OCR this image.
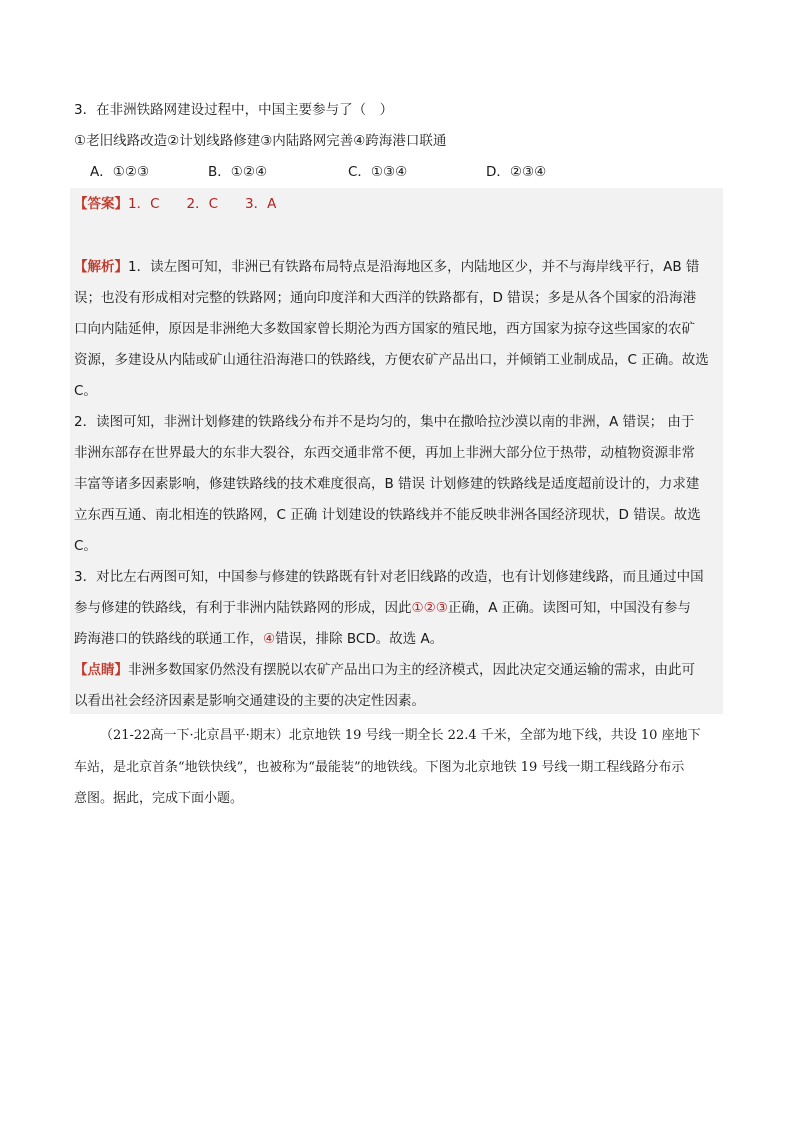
3．在非洲铁路网建设过程中，中国主要参与了（　）
①老旧线路改造②计划线路修建③内陆路网完善④跨海港口联通
A．①②③	B．①②④	C．①③④	D．②③④
【答案】1．C　　2．C　　3．A
【解析】1．读左图可知，非洲已有铁路布局特点是沿海地区多，内陆地区少，并不与海岸线平行，AB 错
误；也没有形成相对完整的铁路网；通向印度洋和大西洋的铁路都有，D 错误；多是从各个国家的沿海港
口向内陆延伸，原因是非洲绝大多数国家曾长期沦为西方国家的殖民地，西方国家为掠夺这些国家的农矿
资源，多建设从内陆或矿山通往沿海港口的铁路线，方便农矿产品出口，并倾销工业制成品，C 正确。故选
C。
2．读图可知，非洲计划修建的铁路线分布并不是均匀的，集中在撒哈拉沙漠以南的非洲，A 错误； 由于
非洲东部存在世界最大的东非大裂谷，东西交通非常不便，再加上非洲大部分位于热带，动植物资源非常
丰富等诸多因素影响，修建铁路线的技术难度很高，B 错误 计划修建的铁路线是适度超前设计的，力求建
立东西互通、南北相连的铁路网，C 正确 计划建设的铁路线并不能反映非洲各国经济现状，D 错误。故选
C。
3．对比左右两图可知，中国参与修建的铁路既有针对老旧线路的改造，也有计划修建线路，而且通过中国
参与修建的铁路线，有利于非洲内陆铁路网的形成，因此①②③正确，A 正确。读图可知，中国没有参与
跨海港口的铁路线的联通工作，④错误，排除 BCD。故选 A。
【点睛】非洲多数国家仍然没有摆脱以农矿产品出口为主的经济模式，因此决定交通运输的需求，由此可
以看出社会经济因素是影响交通建设的主要的决定性因素。
（21-22高一下·北京昌平·期末）北京地铁 19 号线一期全长 22.4 千米，全部为地下线，共设 10 座地下
车站，是北京首条“地铁快线”，也被称为“最能装”的地铁线。下图为北京地铁 19 号线一期工程线路分布示
意图。据此，完成下面小题。
